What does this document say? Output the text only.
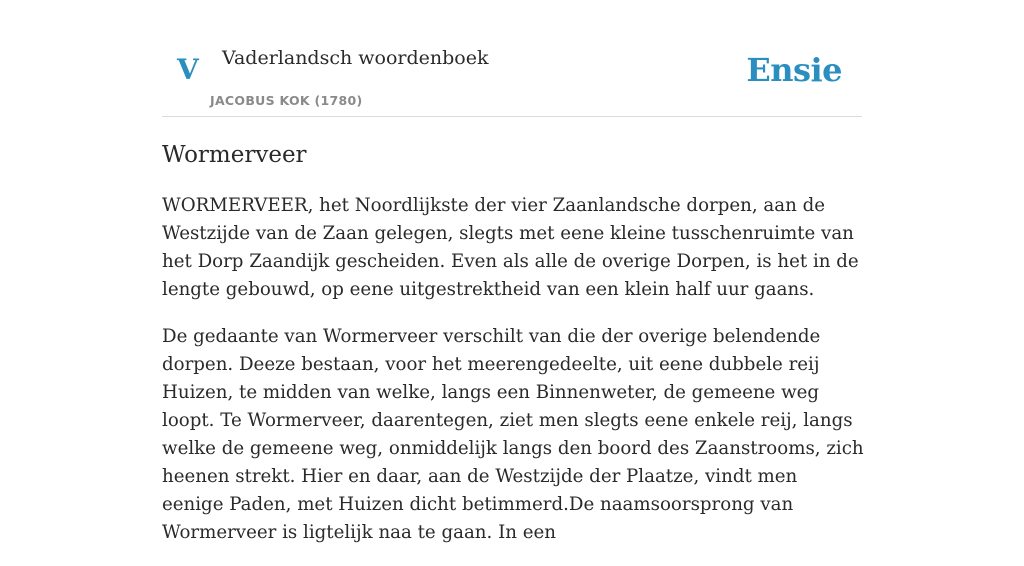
V Vaderlandsch woordenboek
JACOBUS KOK (1780)
Ensie
Wormerveer

WORMERVEER, het Noordlijkste der vier Zaanlandsche dorpen, aan de Westzijde van de Zaan gelegen, slegts met eene kleine tusschenruimte van het Dorp Zaandijk gescheiden. Even als alle de overige Dorpen, is het in de lengte gebouwd, op eene uitgestrektheid van een klein half uur gaans.

De gedaante van Wormerveer verschilt van die der overige belendende dorpen. Deeze bestaan, voor het meerengedeelte, uit eene dubbele reij Huizen, te midden van welke, langs een Binnenweter, de gemeene weg loopt. Te Wormerveer, daarentegen, ziet men slegts eene enkele reij, langs welke de gemeene weg, onmiddelijk langs den boord des Zaanstrooms, zich heenen strekt. Hier en daar, aan de Westzijde der Plaatze, vindt men eenige Paden, met Huizen dicht betimmerd.De naamsoorsprong van Wormerveer is ligtelijk naa te gaan. In een
